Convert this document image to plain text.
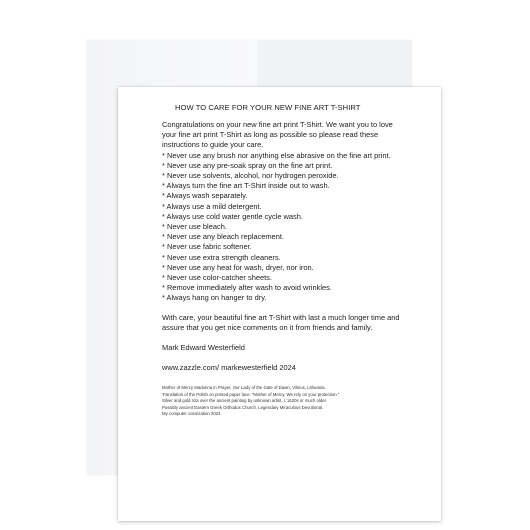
HOW TO CARE FOR YOUR NEW FINE ART T-SHIRT

Congratulations on your new fine art print T-Shirt. We want you to love your fine art print T-Shirt as long as possible so please read these instructions to guide your care.

* Never use any brush nor anything else abrasive on the fine art print.
* Never use any pre-soak spray on the fine art print.
* Never use solvents, alcohol, nor hydrogen peroxide.
* Always turn the fine art T-Shirt inside out to wash.
* Always wash separately.
* Always use a mild detergent.
* Always use cold water gentle cycle wash.
* Never use bleach.
* Never use any bleach replacement.
* Never use fabric softener.
* Never use extra strength cleaners.
* Never use any heat for wash, dryer, nor iron.
* Never use color-catcher sheets.
* Remove immediately after wash to avoid wrinkles.
* Always hang on hanger to dry.

With care, your beautiful fine art T-Shirt with last a much longer time and assure that you get nice comments on it from friends and family.

Mark Edward Westerfield
www.zazzle.com/ markewesterfield 2024
Mother of Mercy Madonna in Prayer, Our Lady of the Gate of Dawn, Vilnius, Lithuania.
Translation of the Polish on printed paper lace: "Mother of Mercy, We rely on your protection."
Silver and gold riza over the ancient painting by unknown artist, c 1620s or much older.
Possibly ancient Eastern Greek Orthodox Church. Legendary Miraculous Devotional.
My computer colorization 2024.
